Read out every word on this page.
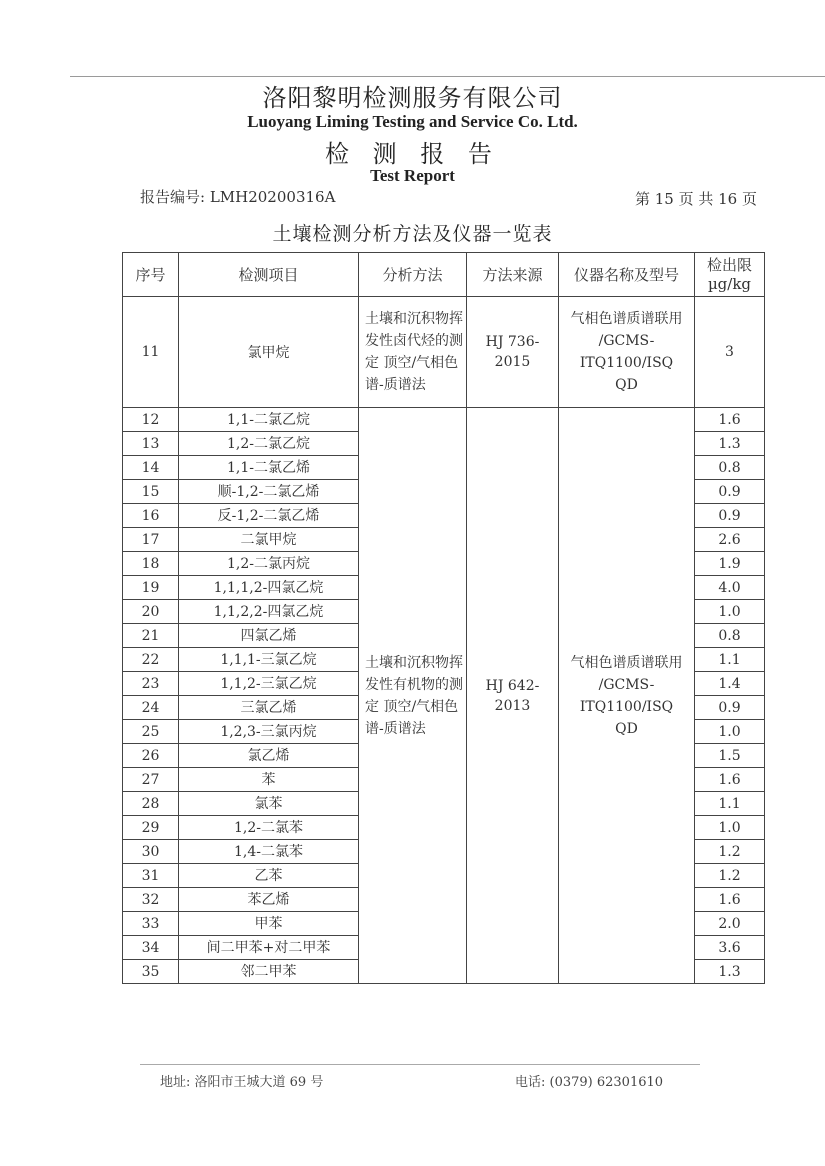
洛阳黎明检测服务有限公司
Luoyang Liming Testing and Service Co. Ltd.
检 测 报 告
Test Report
报告编号: LMH20200316A	第 15 页 共 16 页
土壤检测分析方法及仪器一览表
序号	检测项目	分析方法	方法来源	仪器名称及型号	检出限
µg/kg
11	氯甲烷	土壤和沉积物挥发性卤代烃的测定 顶空/气相色谱-质谱法	HJ 736-2015	气相色谱质谱联用 /GCMS-ITQ1100/ISQ QD	3
12	1,1-二氯乙烷	土壤和沉积物挥发性有机物的测定 顶空/气相色谱-质谱法	HJ 642-2013	气相色谱质谱联用 /GCMS-ITQ1100/ISQ QD	1.6
13	1,2-二氯乙烷				1.3
14	1,1-二氯乙烯				0.8
15	顺-1,2-二氯乙烯				0.9
16	反-1,2-二氯乙烯				0.9
17	二氯甲烷				2.6
18	1,2-二氯丙烷				1.9
19	1,1,1,2-四氯乙烷				4.0
20	1,1,2,2-四氯乙烷				1.0
21	四氯乙烯				0.8
22	1,1,1-三氯乙烷				1.1
23	1,1,2-三氯乙烷				1.4
24	三氯乙烯				0.9
25	1,2,3-三氯丙烷				1.0
26	氯乙烯				1.5
27	苯				1.6
28	氯苯				1.1
29	1,2-二氯苯				1.0
30	1,4-二氯苯				1.2
31	乙苯				1.2
32	苯乙烯				1.6
33	甲苯				2.0
34	间二甲苯+对二甲苯				3.6
35	邻二甲苯				1.3
地址: 洛阳市王城大道 69 号	电话: (0379) 62301610
